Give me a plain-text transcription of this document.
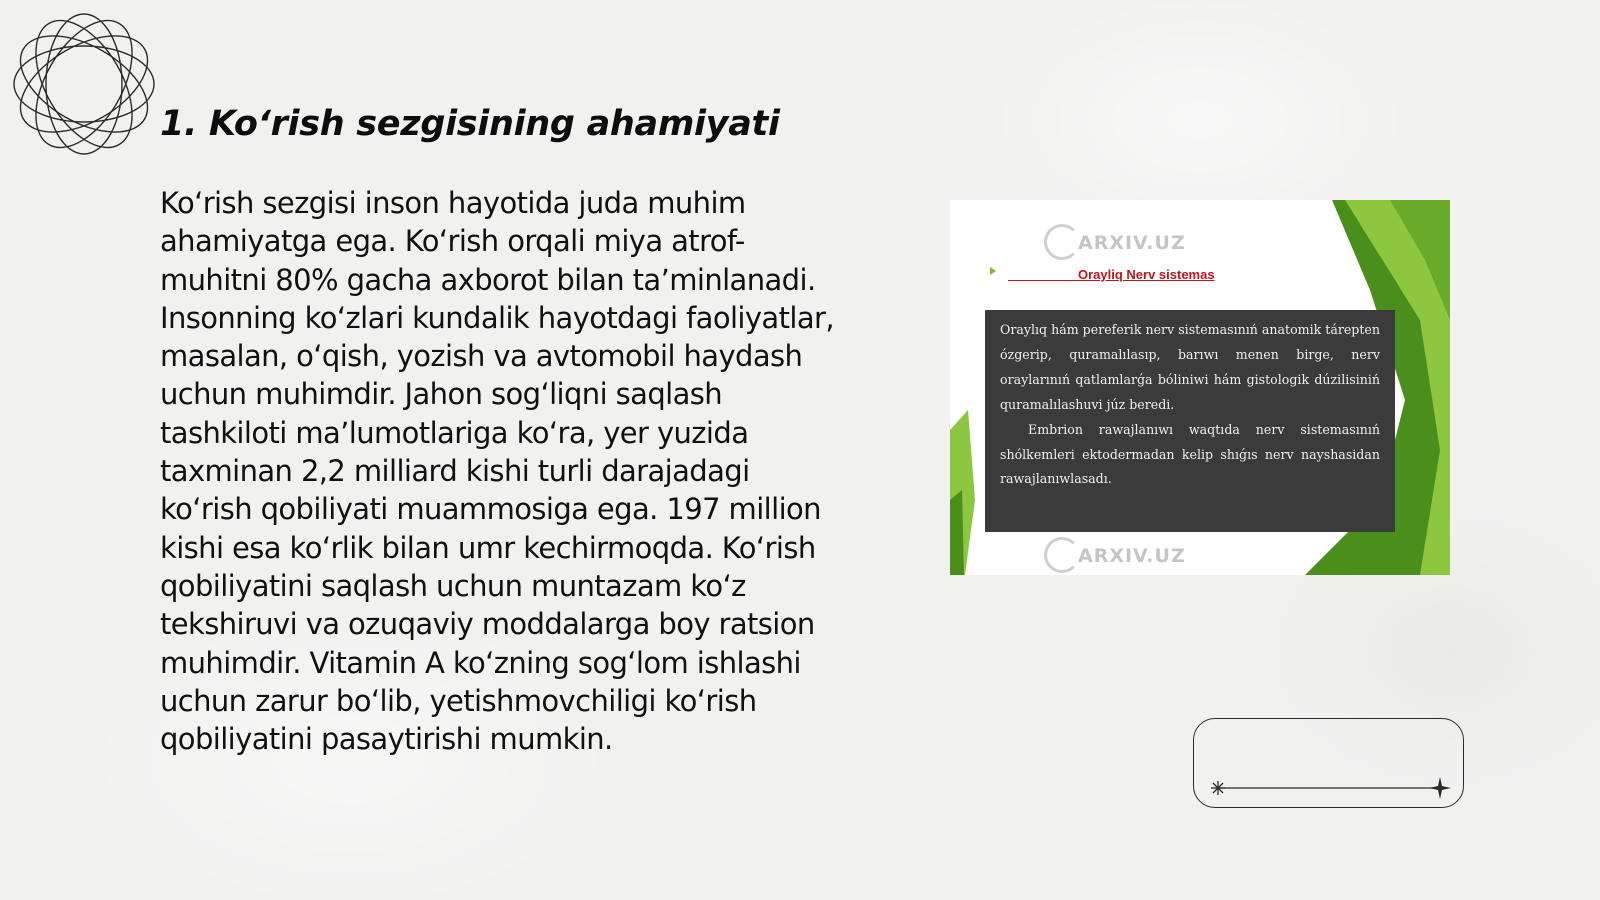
1. Ko‘rish sezgisining ahamiyati
Ko‘rish sezgisi inson hayotida juda muhim ahamiyatga ega. Ko‘rish orqali miya atrof-muhitni 80% gacha axborot bilan ta’minlanadi. Insonning ko‘zlari kundalik hayotdagi faoliyatlar, masalan, o‘qish, yozish va avtomobil haydash uchun muhimdir. Jahon sog‘liqni saqlash tashkiloti ma’lumotlariga ko‘ra, yer yuzida taxminan 2,2 milliard kishi turli darajadagi ko‘rish qobiliyati muammosiga ega. 197 million kishi esa ko‘rlik bilan umr kechirmoqda. Ko‘rish qobiliyatini saqlash uchun muntazam ko‘z tekshiruvi va ozuqaviy moddalarga boy ratsion muhimdir. Vitamin A ko‘zning sog‘lom ishlashi uchun zarur bo‘lib, yetishmovchiligi ko‘rish qobiliyatini pasaytirishi mumkin.
ARXIV.UZ
Orayliq Nerv sistemas

Oraylıq hám pereferik nerv sistemasınıń anatomik tárepten ózgerip, quramalılasıp, barıwı menen birge, nerv oraylarınıń qatlamlarǵa bóliniwi hám gistologik dúzilisiniń quramalılashuvi júz beredi.

Embrion rawajlanıwı waqtıda nerv sistemasınıń shólkemleri ektodermadan kelip shıǵıs nerv nayshasidan rawajlanıwlasadı.

ARXIV.UZ
